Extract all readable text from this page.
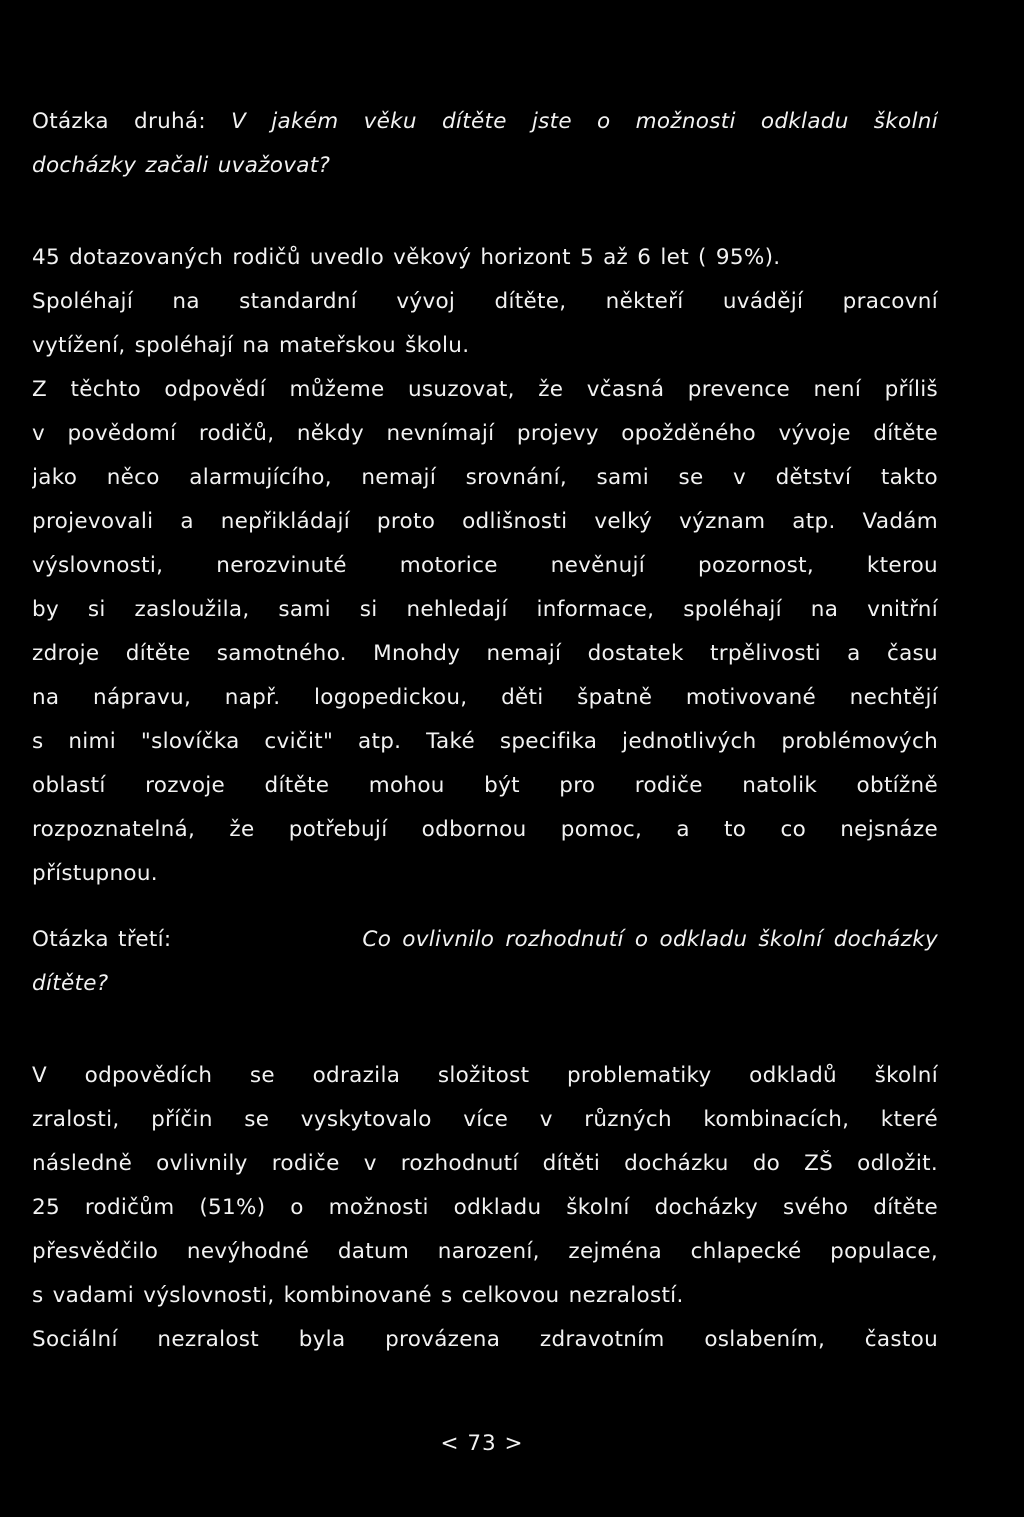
Otázka druhá: V jakém věku dítěte jste o možnosti odkladu školní
docházky začali uvažovat?
45 dotazovaných rodičů uvedlo věkový horizont 5 až 6 let ( 95%).
Spoléhají na standardní vývoj dítěte, někteří uvádějí pracovní
vytížení, spoléhají na mateřskou školu.
Z těchto odpovědí můžeme usuzovat, že včasná prevence není příliš
v povědomí rodičů, někdy nevnímají projevy opožděného vývoje dítěte
jako něco alarmujícího, nemají srovnání, sami se v dětství takto
projevovali a nepřikládají proto odlišnosti velký význam atp. Vadám
výslovnosti, nerozvinuté motorice nevěnují pozornost, kterou
by si zasloužila, sami si nehledají informace, spoléhají na vnitřní
zdroje dítěte samotného. Mnohdy nemají dostatek trpělivosti a času
na nápravu, např. logopedickou, děti špatně motivované nechtějí
s nimi "slovíčka cvičit" atp. Také specifika jednotlivých problémových
oblastí rozvoje dítěte mohou být pro rodiče natolik obtížně
rozpoznatelná, že potřebují odbornou pomoc, a to co nejsnáze
přístupnou.
Otázka třetí:	Co ovlivnilo rozhodnutí o odkladu školní docházky
dítěte?
V odpovědích se odrazila složitost problematiky odkladů školní
zralosti, příčin se vyskytovalo více v různých kombinacích, které
následně ovlivnily rodiče v rozhodnutí dítěti docházku do ZŠ odložit.
25 rodičům (51%) o možnosti odkladu školní docházky svého dítěte
přesvědčilo nevýhodné datum narození, zejména chlapecké populace,
s vadami výslovnosti, kombinované s celkovou nezralostí.
Sociální nezralost byla provázena zdravotním oslabením, častou
< 73 >
